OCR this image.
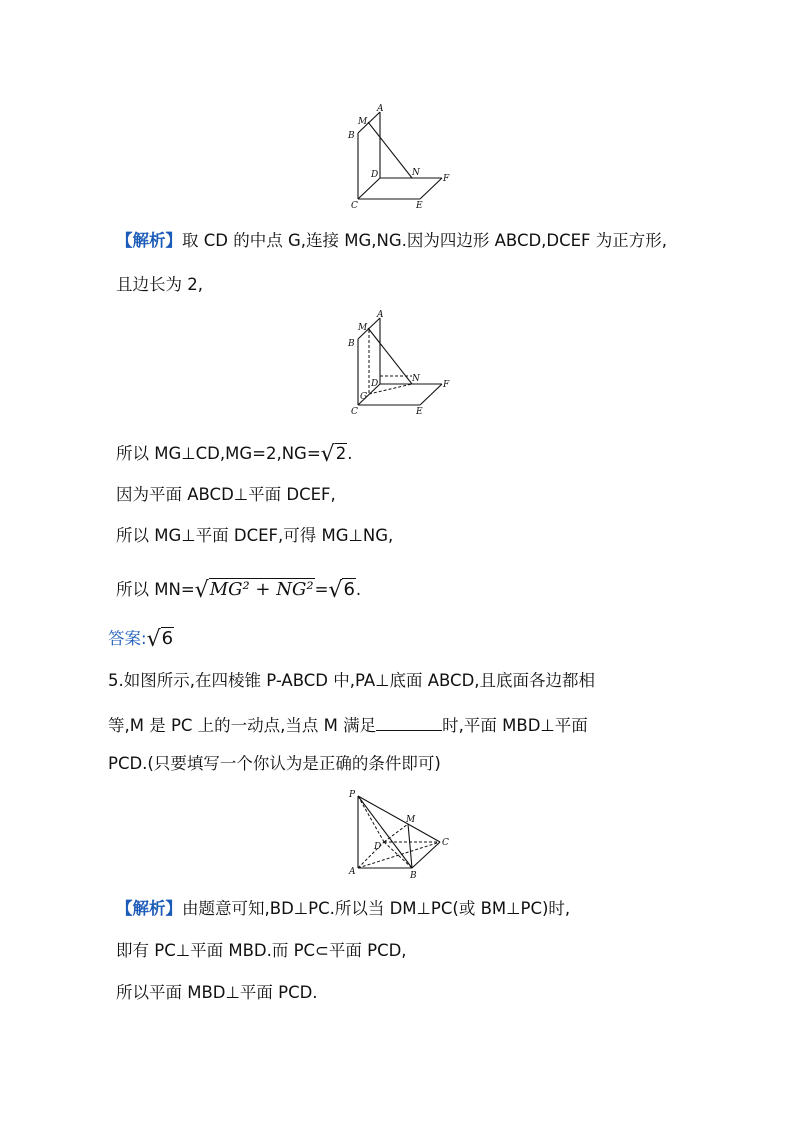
A
M
B
D	N
F
C	E
【解析】取 CD 的中点 G,连接 MG,NG.因为四边形 ABCD,DCEF 为正方形,
且边长为 2,
A
M
B
D	N
F
G
C	E
所以 MG⊥CD,MG=2,NG=√2.
因为平面 ABCD⊥平面 DCEF,
所以 MG⊥平面 DCEF,可得 MG⊥NG,
所以 MN=√MG² + NG²=√6.
答案:√6
5.如图所示,在四棱锥 P-ABCD 中,PA⊥底面 ABCD,且底面各边都相
等,M 是 PC 上的一动点,当点 M 满足	时,平面 MBD⊥平面
PCD.(只要填写一个你认为是正确的条件即可)
P
M
D	C
A	B
【解析】由题意可知,BD⊥PC.所以当 DM⊥PC(或 BM⊥PC)时,
即有 PC⊥平面 MBD.而 PC⊂平面 PCD,
所以平面 MBD⊥平面 PCD.
